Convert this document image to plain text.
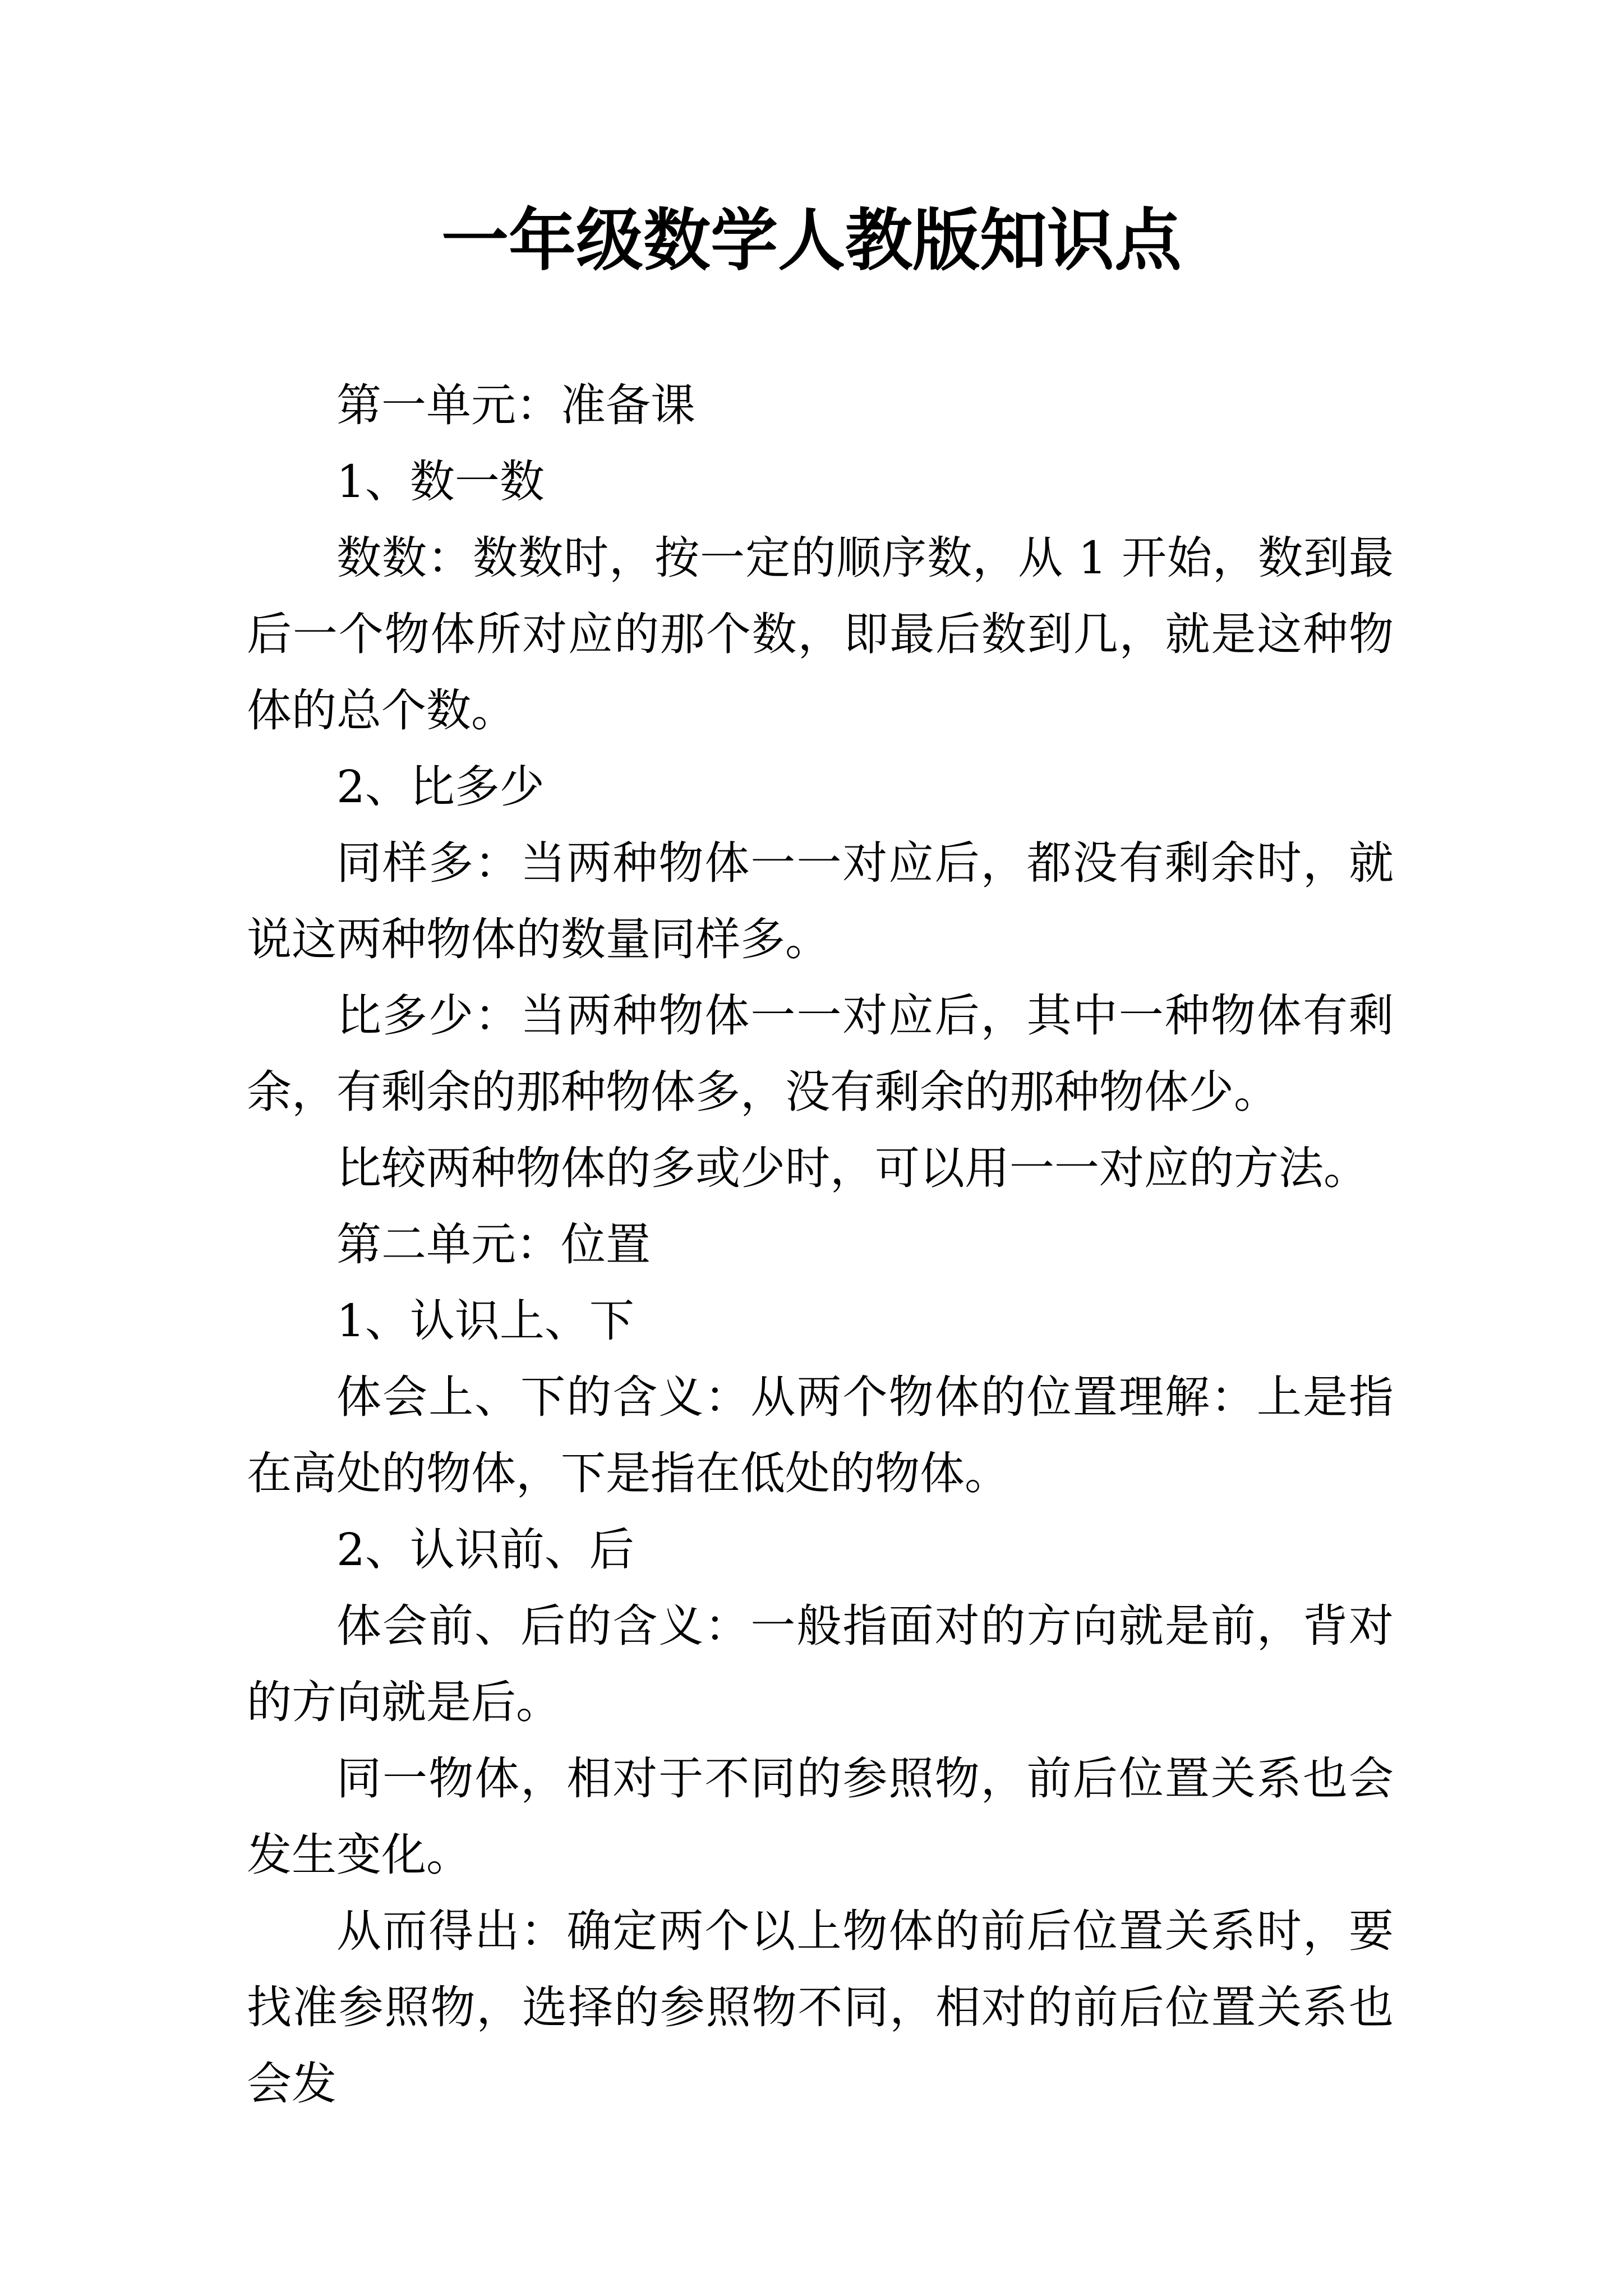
一年级数学人教版知识点

第一单元：准备课

1、数一数

数数：数数时，按一定的顺序数，从 1 开始，数到最后一个物体所对应的那个数，即最后数到几，就是这种物体的总个数。

2、比多少

同样多：当两种物体一一对应后，都没有剩余时，就说这两种物体的数量同样多。

比多少：当两种物体一一对应后，其中一种物体有剩余，有剩余的那种物体多，没有剩余的那种物体少。

比较两种物体的多或少时，可以用一一对应的方法。

第二单元：位置

1、认识上、下

体会上、下的含义：从两个物体的位置理解：上是指在高处的物体，下是指在低处的物体。

2、认识前、后

体会前、后的含义：一般指面对的方向就是前，背对的方向就是后。

同一物体，相对于不同的参照物，前后位置关系也会发生变化。

从而得出：确定两个以上物体的前后位置关系时，要找准参照物，选择的参照物不同，相对的前后位置关系也会发
